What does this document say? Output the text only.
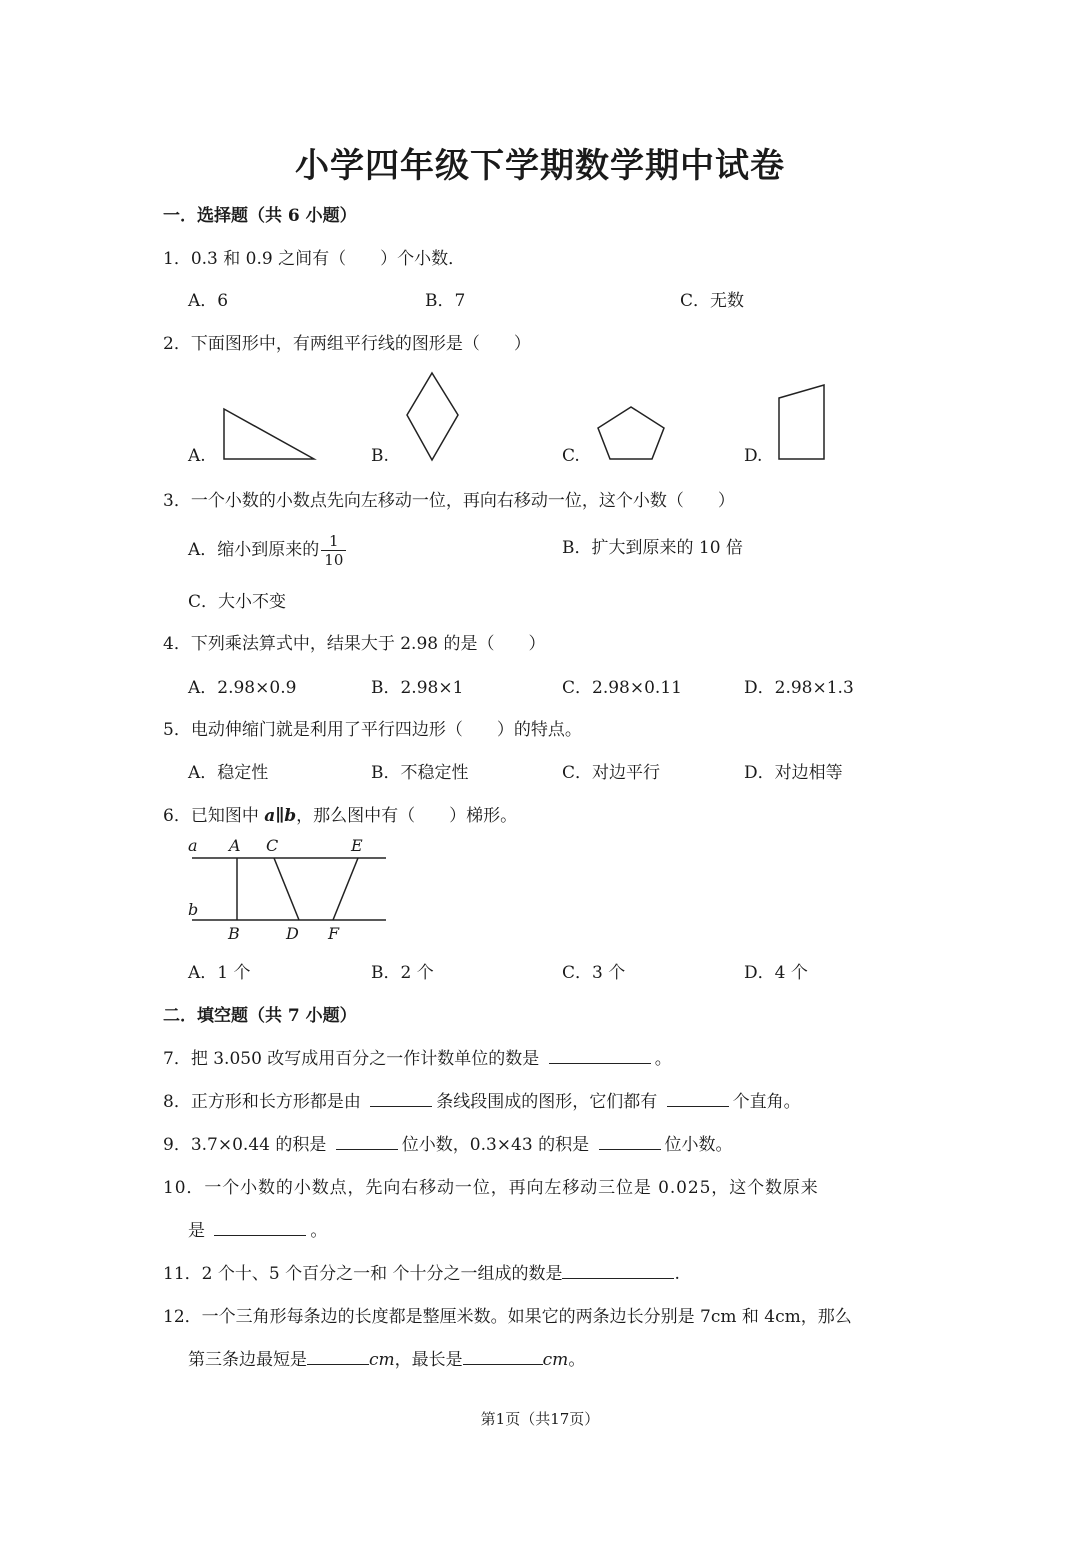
小学四年级下学期数学期中试卷
一．选择题（共 6 小题）
1．0.3 和 0.9 之间有（　　）个小数．
A．6	B．7	C．无数
2．下面图形中，有两组平行线的图形是（　　）
A.	B.	C.	D.
3．一个小数的小数点先向左移动一位，再向右移动一位，这个小数（　　）
A．缩小到原来的 $\frac{1}{10}$	B．扩大到原来的 10 倍
C．大小不变
4．下列乘法算式中，结果大于 2.98 的是（　　）
A．2.98×0.9	B．2.98×1	C．2.98×0.11	D．2.98×1.3
5．电动伸缩门就是利用了平行四边形（　　）的特点。
A．稳定性	B．不稳定性	C．对边平行	D．对边相等
6．已知图中 a∥b，那么图中有（　　）梯形。
a A C	E
b
B	D F
A．1 个	B．2 个	C．3 个	D．4 个
二．填空题（共 7 小题）
7．把 3.050 改写成用百分之一作计数单位的数是	。
8．正方形和长方形都是由	条线段围成的图形，它们都有	个直角。
9．3.7×0.44 的积是	位小数，0.3×43 的积是	位小数。
10．一个小数的小数点，先向右移动一位，再向左移动三位是 0.025，这个数原来
是	。
11．2 个十、5 个百分之一和 个十分之一组成的数是	.
12．一个三角形每条边的长度都是整厘米数。如果它的两条边长分别是 7cm 和 4cm，那么
第三条边最短是	cm，最长是	cm。
第1页（共17页）
